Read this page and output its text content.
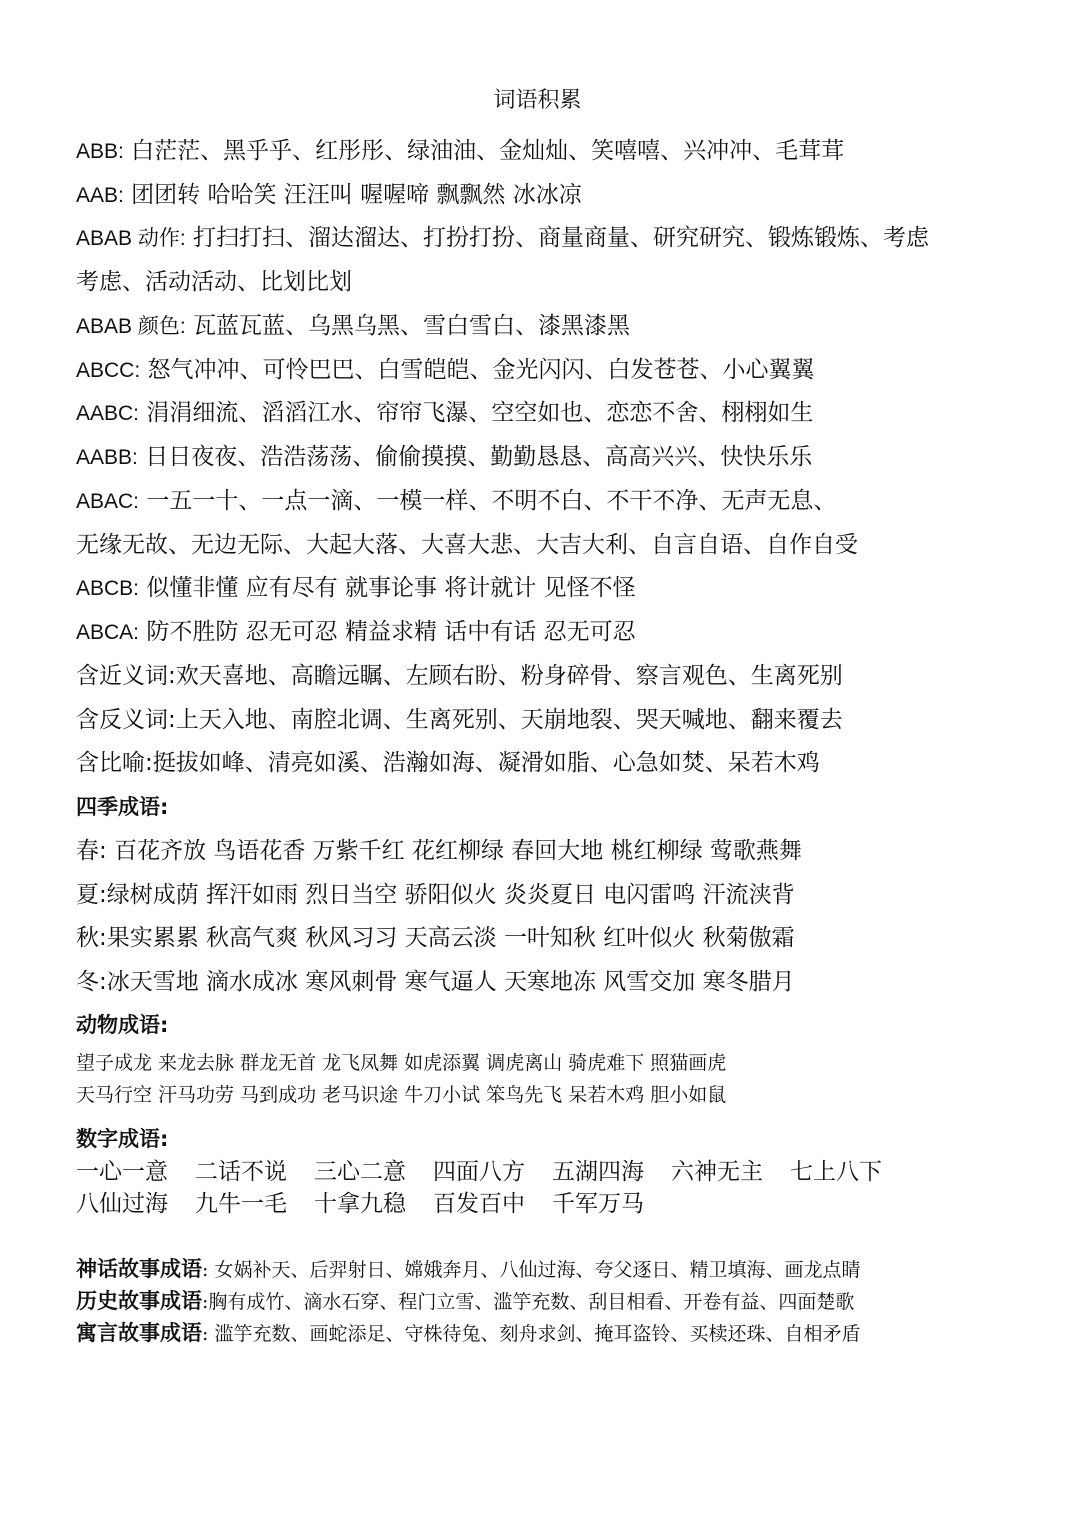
词语积累
ABB: 白茫茫、黑乎乎、红彤彤、绿油油、金灿灿、笑嘻嘻、兴冲冲、毛茸茸
AAB: 团团转 哈哈笑 汪汪叫 喔喔啼 飘飘然 冰冰凉
ABAB 动作: 打扫打扫、溜达溜达、打扮打扮、商量商量、研究研究、锻炼锻炼、考虑
考虑、活动活动、比划比划
ABAB 颜色: 瓦蓝瓦蓝、乌黑乌黑、雪白雪白、漆黑漆黑
ABCC: 怒气冲冲、可怜巴巴、白雪皑皑、金光闪闪、白发苍苍、小心翼翼
AABC: 涓涓细流、滔滔江水、帘帘飞瀑、空空如也、恋恋不舍、栩栩如生
AABB: 日日夜夜、浩浩荡荡、偷偷摸摸、勤勤恳恳、高高兴兴、快快乐乐
ABAC: 一五一十、一点一滴、一模一样、不明不白、不干不净、无声无息、
无缘无故、无边无际、大起大落、大喜大悲、大吉大利、自言自语、自作自受
ABCB: 似懂非懂 应有尽有 就事论事 将计就计 见怪不怪
ABCA: 防不胜防 忍无可忍 精益求精 话中有话 忍无可忍
含近义词:欢天喜地、高瞻远瞩、左顾右盼、粉身碎骨、察言观色、生离死别
含反义词:上天入地、南腔北调、生离死别、天崩地裂、哭天喊地、翻来覆去
含比喻:挺拔如峰、清亮如溪、浩瀚如海、凝滑如脂、心急如焚、呆若木鸡
四季成语:
春: 百花齐放 鸟语花香 万紫千红 花红柳绿 春回大地 桃红柳绿 莺歌燕舞
夏:绿树成荫 挥汗如雨 烈日当空 骄阳似火 炎炎夏日 电闪雷鸣 汗流浃背
秋:果实累累 秋高气爽 秋风习习 天高云淡 一叶知秋 红叶似火 秋菊傲霜
冬:冰天雪地 滴水成冰 寒风刺骨 寒气逼人 天寒地冻 风雪交加 寒冬腊月
动物成语:
望子成龙 来龙去脉 群龙无首 龙飞凤舞 如虎添翼 调虎离山 骑虎难下 照猫画虎
天马行空 汗马功劳 马到成功 老马识途 牛刀小试 笨鸟先飞 呆若木鸡 胆小如鼠
数字成语:
一心一意 二话不说 三心二意 四面八方 五湖四海 六神无主 七上八下
八仙过海 九牛一毛 十拿九稳 百发百中 千军万马
神话故事成语: 女娲补天、后羿射日、嫦娥奔月、八仙过海、夸父逐日、精卫填海、画龙点睛
历史故事成语:胸有成竹、滴水石穿、程门立雪、滥竽充数、刮目相看、开卷有益、四面楚歌
寓言故事成语: 滥竽充数、画蛇添足、守株待兔、刻舟求剑、掩耳盗铃、买椟还珠、自相矛盾
